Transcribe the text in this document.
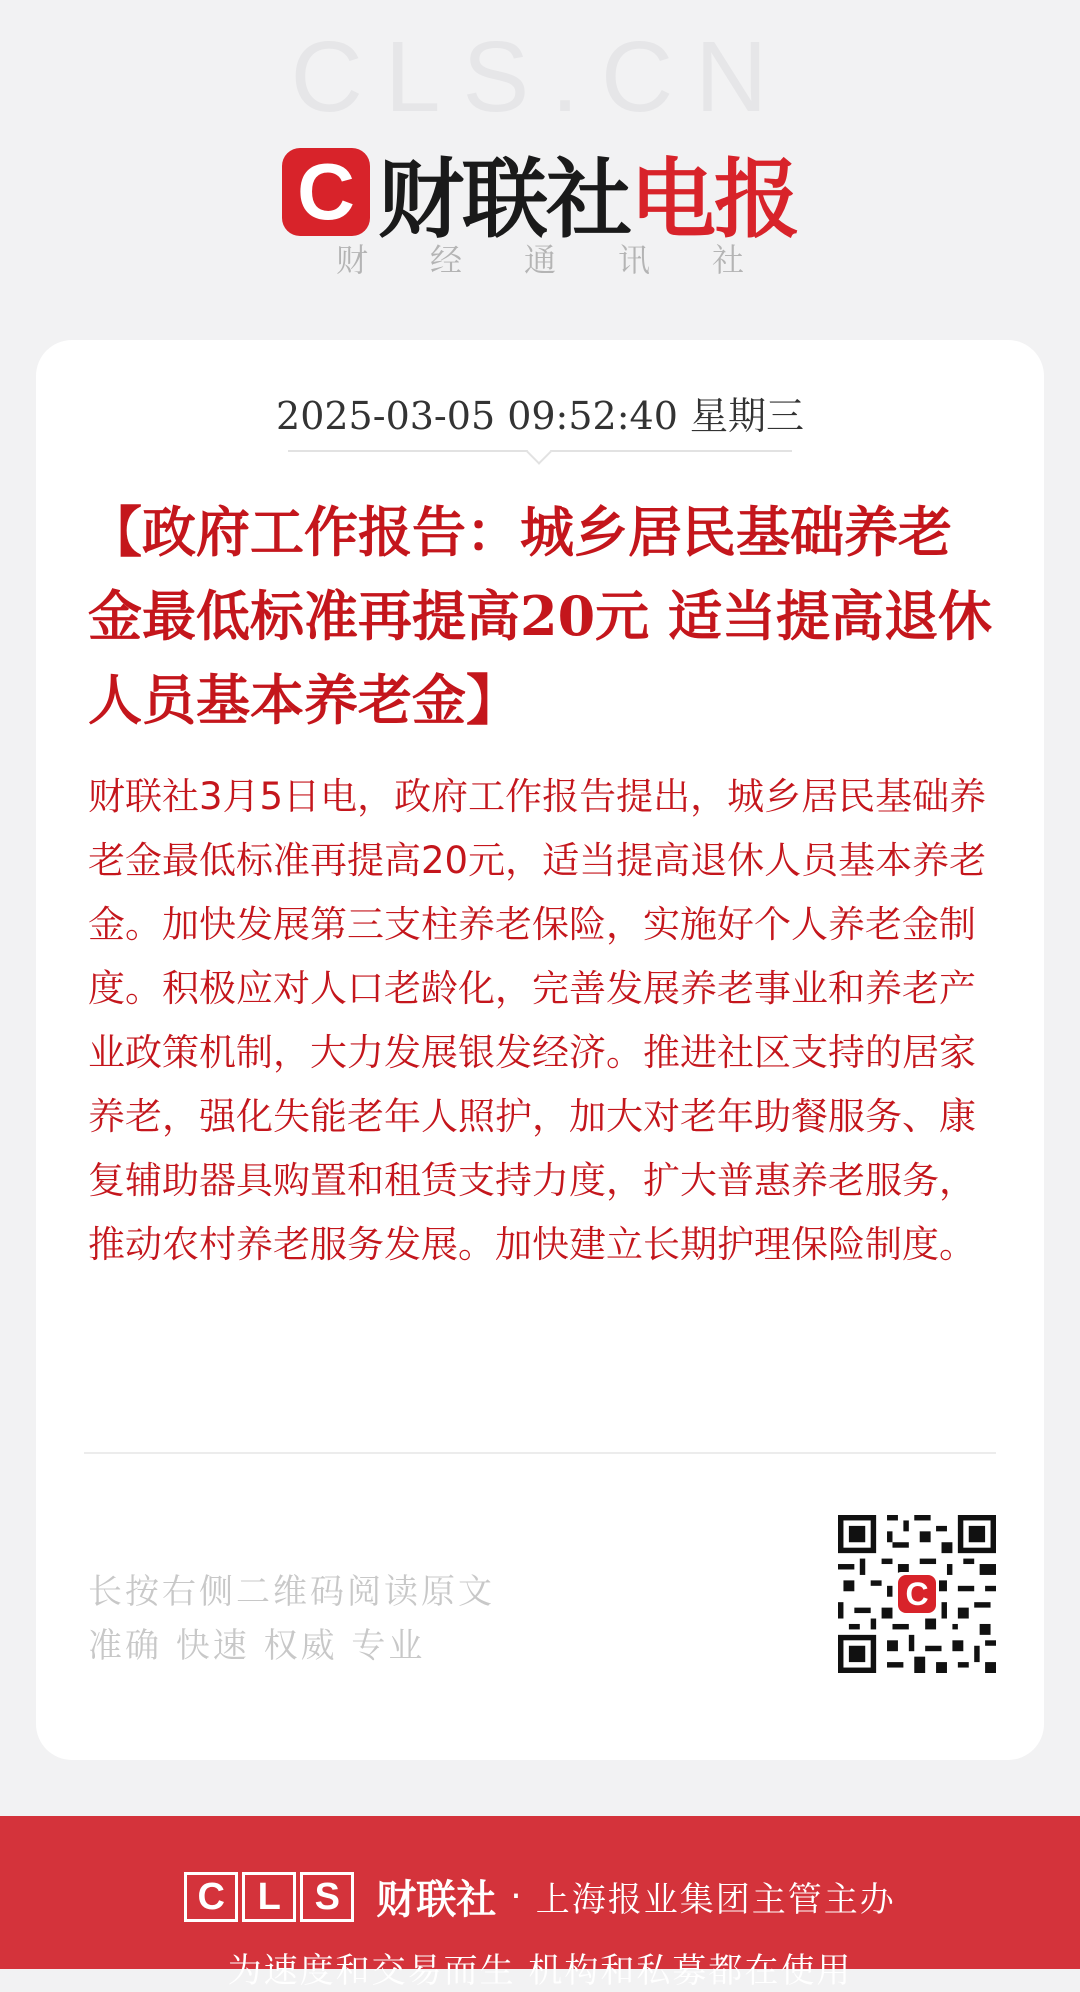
CLS.CN
C 财联社 电报
财经通讯社
2025-03-05 09:52:40 星期三
【政府工作报告：城乡居民基础养老金最低标准再提高20元 适当提高退休人员基本养老金】
财联社3月5日电，政府工作报告提出，城乡居民基础养老金最低标准再提高20元，适当提高退休人员基本养老金。加快发展第三支柱养老保险，实施好个人养老金制度。积极应对人口老龄化，完善发展养老事业和养老产业政策机制，大力发展银发经济。推进社区支持的居家养老，强化失能老年人照护，加大对老年助餐服务、康复辅助器具购置和租赁支持力度，扩大普惠养老服务，推动农村养老服务发展。加快建立长期护理保险制度。
长按右侧二维码阅读原文
准确 快速 权威 专业
C
C L S 财联社 · 上海报业集团主管主办
为速度和交易而生 机构和私募都在使用
